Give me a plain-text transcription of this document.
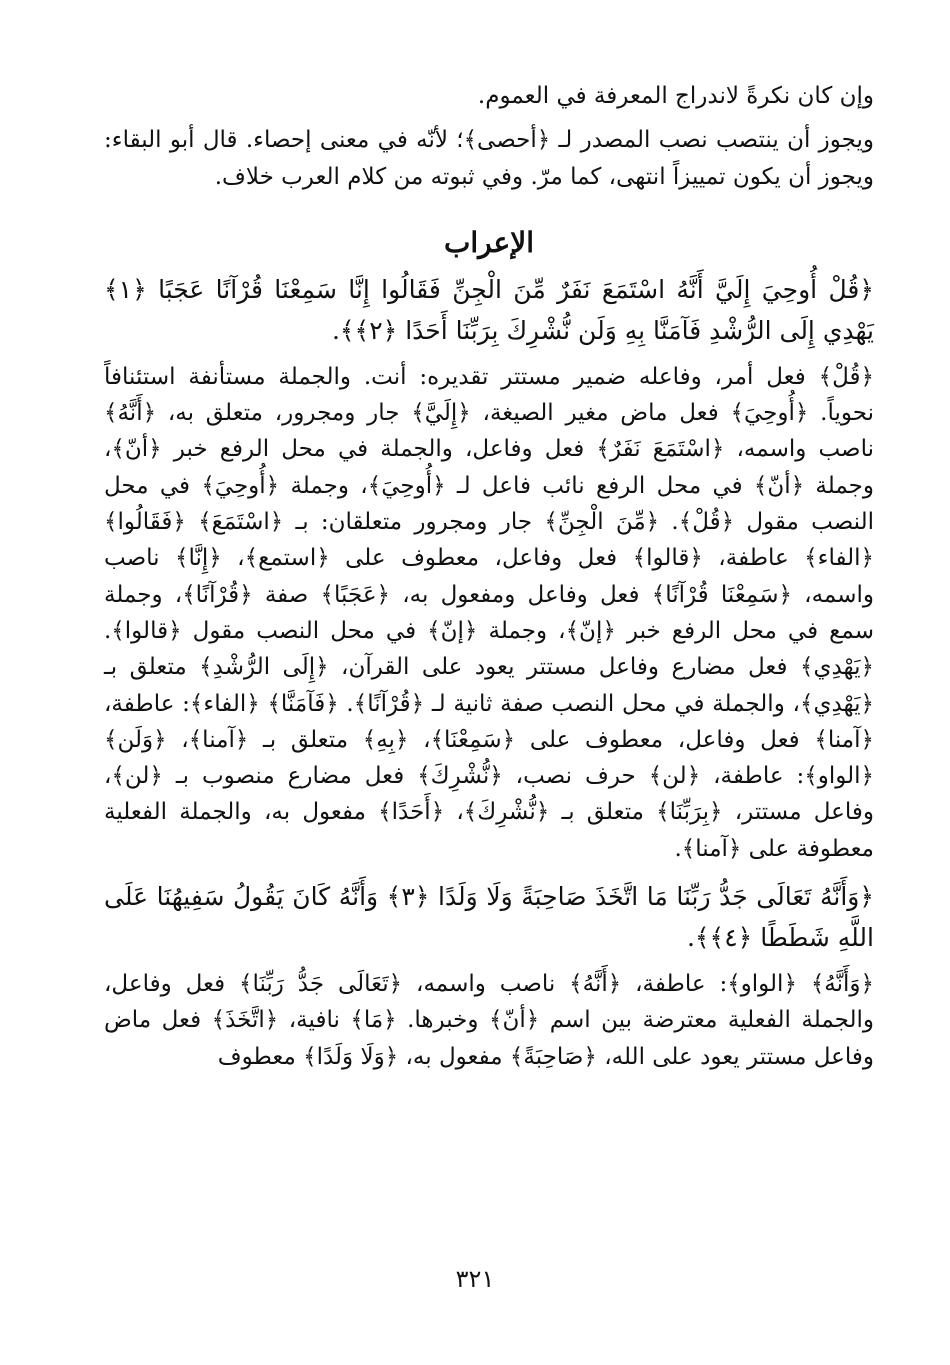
وإن كان نكرةً لاندراج المعرفة في العموم.

ويجوز أن ينتصب نصب المصدر لـ ﴿أحصى﴾؛ لأنّه في معنى إحصاء. قال أبو البقاء: ويجوز أن يكون تمييزاً انتهى، كما مرّ. وفي ثبوته من كلام العرب خلاف.

الإعراب

﴿قُلْ أُوحِيَ إِلَيَّ أَنَّهُ اسْتَمَعَ نَفَرٌ مِّنَ الْجِنِّ فَقَالُوا إِنَّا سَمِعْنَا قُرْآنًا عَجَبًا ﴿١﴾ يَهْدِي إِلَى الرُّشْدِ فَآمَنَّا بِهِ وَلَن نُّشْرِكَ بِرَبِّنَا أَحَدًا ﴿٢﴾﴾.

﴿قُلْ﴾ فعل أمر، وفاعله ضمير مستتر تقديره: أنت. والجملة مستأنفة استئنافاً نحوياً. ﴿أُوحِيَ﴾ فعل ماض مغير الصيغة، ﴿إِلَيَّ﴾ جار ومجرور، متعلق به، ﴿أَنَّهُ﴾ ناصب واسمه، ﴿اسْتَمَعَ نَفَرٌ﴾ فعل وفاعل، والجملة في محل الرفع خبر ﴿أنّ﴾، وجملة ﴿أنّ﴾ في محل الرفع نائب فاعل لـ ﴿أُوحِيَ﴾، وجملة ﴿أُوحِيَ﴾ في محل النصب مقول ﴿قُلْ﴾. ﴿مِّنَ الْجِنِّ﴾ جار ومجرور متعلقان: بـ ﴿اسْتَمَعَ﴾ ﴿فَقَالُوا﴾ ﴿الفاء﴾ عاطفة، ﴿قالوا﴾ فعل وفاعل، معطوف على ﴿استمع﴾، ﴿إِنَّا﴾ ناصب واسمه، ﴿سَمِعْنَا قُرْآنًا﴾ فعل وفاعل ومفعول به، ﴿عَجَبًا﴾ صفة ﴿قُرْآنًا﴾، وجملة سمع في محل الرفع خبر ﴿إنّ﴾، وجملة ﴿إنّ﴾ في محل النصب مقول ﴿قالوا﴾. ﴿يَهْدِي﴾ فعل مضارع وفاعل مستتر يعود على القرآن، ﴿إِلَى الرُّشْدِ﴾ متعلق بـ ﴿يَهْدِي﴾، والجملة في محل النصب صفة ثانية لـ ﴿قُرْآنًا﴾. ﴿فَآمَنَّا﴾ ﴿الفاء﴾: عاطفة، ﴿آمنا﴾ فعل وفاعل، معطوف على ﴿سَمِعْنَا﴾، ﴿بِهِ﴾ متعلق بـ ﴿آمنا﴾، ﴿وَلَن﴾ ﴿الواو﴾: عاطفة، ﴿لن﴾ حرف نصب، ﴿نُّشْرِكَ﴾ فعل مضارع منصوب بـ ﴿لن﴾، وفاعل مستتر، ﴿بِرَبِّنَا﴾ متعلق بـ ﴿نُّشْرِكَ﴾، ﴿أَحَدًا﴾ مفعول به، والجملة الفعلية معطوفة على ﴿آمنا﴾.

﴿وَأَنَّهُ تَعَالَى جَدُّ رَبِّنَا مَا اتَّخَذَ صَاحِبَةً وَلَا وَلَدًا ﴿٣﴾ وَأَنَّهُ كَانَ يَقُولُ سَفِيهُنَا عَلَى اللَّهِ شَطَطًا ﴿٤﴾﴾.

﴿وَأَنَّهُ﴾ ﴿الواو﴾: عاطفة، ﴿أَنَّهُ﴾ ناصب واسمه، ﴿تَعَالَى جَدُّ رَبِّنَا﴾ فعل وفاعل، والجملة الفعلية معترضة بين اسم ﴿أنّ﴾ وخبرها. ﴿مَا﴾ نافية، ﴿اتَّخَذَ﴾ فعل ماض وفاعل مستتر يعود على الله، ﴿صَاحِبَةً﴾ مفعول به، ﴿وَلَا وَلَدًا﴾ معطوف

٣٢١
